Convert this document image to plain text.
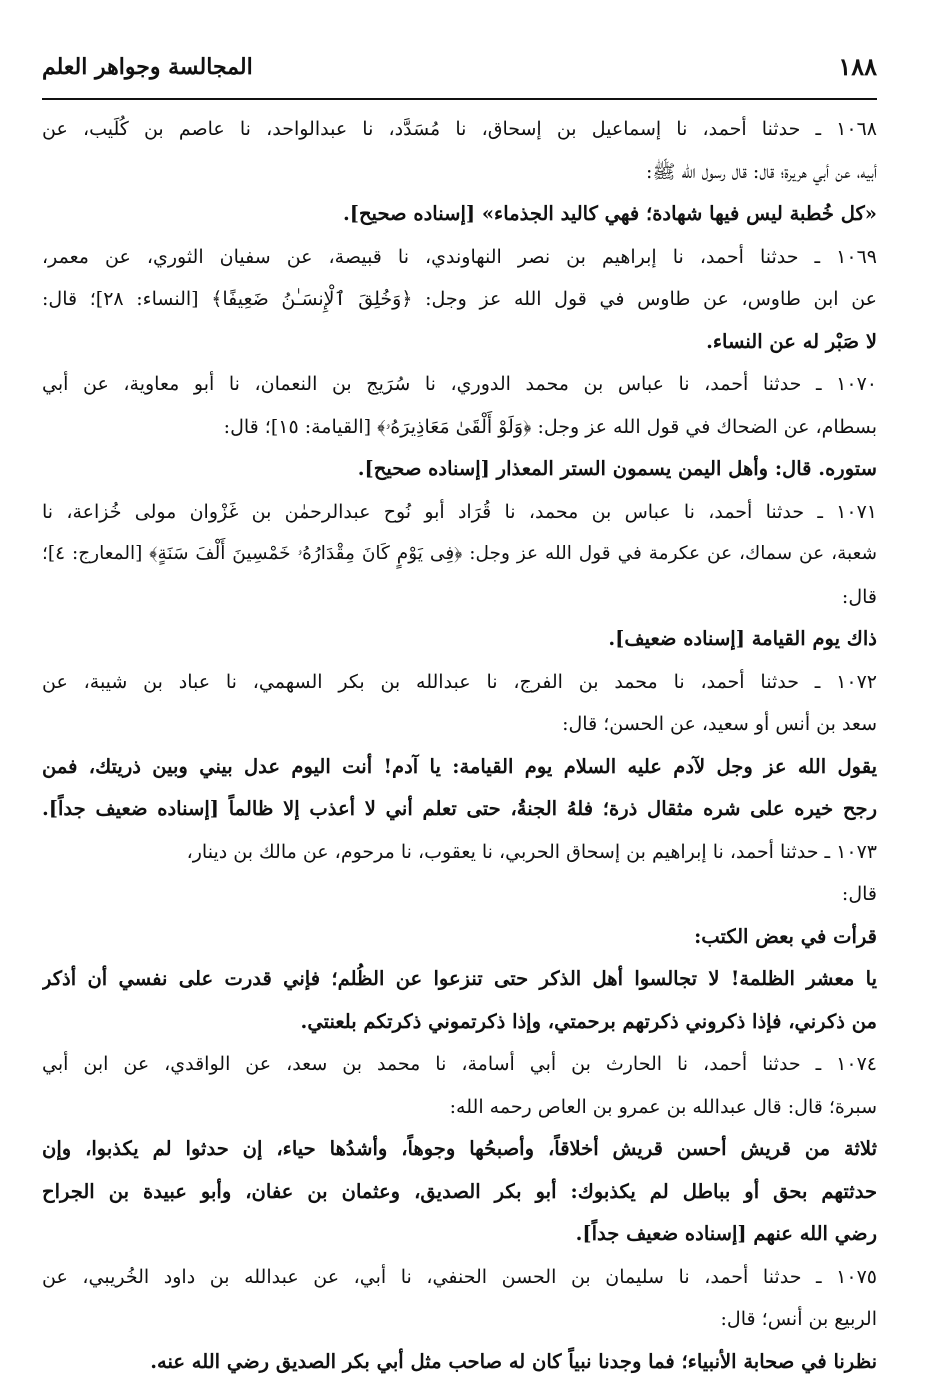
١٨٨
المجالسة وجواهر العلم
١٠٦٨ ـ حدثنا أحمد، نا إسماعيل بن إسحاق، نا مُسَدَّد، نا عبدالواحد، نا عاصم بن كُلَيب، عن
أبيه، عن أبي هريرة؛ قال: قال رسول الله ﷺ:
«كل خُطبة ليس فيها شهادة؛ فهي كاليد الجذماء» [إسناده صحيح].
١٠٦٩ ـ حدثنا أحمد، نا إبراهيم بن نصر النهاوندي، نا قبيصة، عن سفيان الثوري، عن معمر،
عن ابن طاوس، عن طاوس في قول الله عز وجل: ﴿وَخُلِقَ ٱلْإِنسَـٰنُ ضَعِيفًا﴾ [النساء: ٢٨]؛ قال:
لا صَبْر له عن النساء.
١٠٧٠ ـ حدثنا أحمد، نا عباس بن محمد الدوري، نا سُرَيج بن النعمان، نا أبو معاوية، عن أبي
بسطام، عن الضحاك في قول الله عز وجل: ﴿وَلَوْ أَلْقَىٰ مَعَاذِيرَهُۥ﴾ [القيامة: ١٥]؛ قال:
ستوره. قال: وأهل اليمن يسمون الستر المعذار [إسناده صحيح].
١٠٧١ ـ حدثنا أحمد، نا عباس بن محمد، نا قُرَاد أبو نُوح عبدالرحمٰن بن غَزْوان مولى خُزاعة، نا
شعبة، عن سماك، عن عكرمة في قول الله عز وجل: ﴿فِى يَوْمٍ كَانَ مِقْدَارُهُۥ خَمْسِينَ أَلْفَ سَنَةٍ﴾ [المعارج: ٤]؛
قال:
ذاك يوم القيامة [إسناده ضعيف].
١٠٧٢ ـ حدثنا أحمد، نا محمد بن الفرج، نا عبدالله بن بكر السهمي، نا عباد بن شيبة، عن
سعد بن أنس أو سعيد، عن الحسن؛ قال:
يقول الله عز وجل لآدم عليه السلام يوم القيامة: يا آدم! أنت اليوم عدل بيني وبين ذريتك، فمن
رجح خيره على شره مثقال ذرة؛ فلهُ الجنةُ، حتى تعلم أني لا أعذب إلا ظالماً [إسناده ضعيف جداً].
١٠٧٣ ـ حدثنا أحمد، نا إبراهيم بن إسحاق الحربي، نا يعقوب، نا مرحوم، عن مالك بن دينار،
قال:
قرأت في بعض الكتب:
يا معشر الظلمة! لا تجالسوا أهل الذكر حتى تنزعوا عن الظُلم؛ فإني قدرت على نفسي أن أذكر
من ذكرني، فإذا ذكروني ذكرتهم برحمتي، وإذا ذكرتموني ذكرتكم بلعنتي.
١٠٧٤ ـ حدثنا أحمد، نا الحارث بن أبي أسامة، نا محمد بن سعد، عن الواقدي، عن ابن أبي
سبرة؛ قال: قال عبدالله بن عمرو بن العاص رحمه الله:
ثلاثة من قريش أحسن قريش أخلاقاً، وأصبحُها وجوهاً، وأشدُها حياء، إن حدثوا لم يكذبوا، وإن
حدثتهم بحق أو بباطل لم يكذبوك: أبو بكر الصديق، وعثمان بن عفان، وأبو عبيدة بن الجراح
رضي الله عنهم [إسناده ضعيف جداً].
١٠٧٥ ـ حدثنا أحمد، نا سليمان بن الحسن الحنفي، نا أبي، عن عبدالله بن داود الخُريبي، عن
الربيع بن أنس؛ قال:
نظرنا في صحابة الأنبياء؛ فما وجدنا نبياً كان له صاحب مثل أبي بكر الصديق رضي الله عنه.
